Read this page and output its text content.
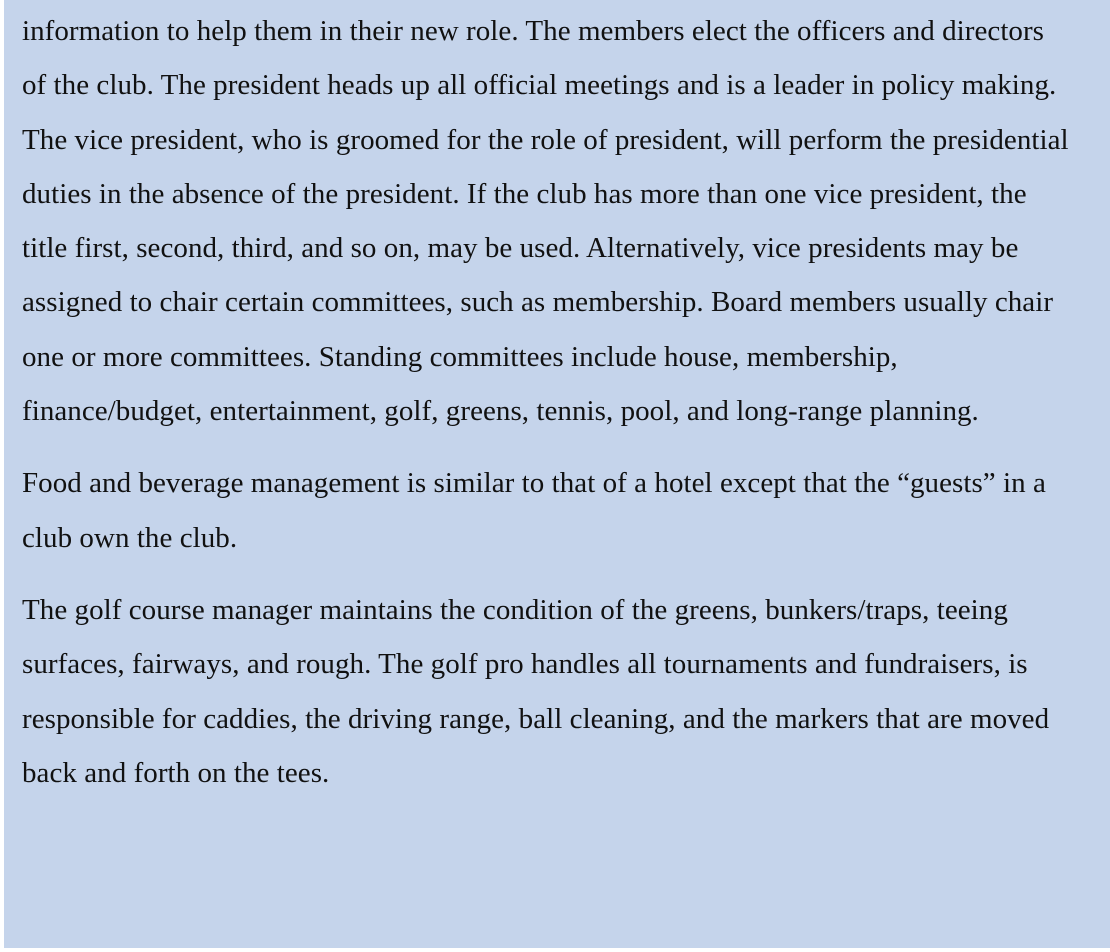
information to help them in their new role. The members elect the officers and directors of the club. The president heads up all official meetings and is a leader in policy making. The vice president, who is groomed for the role of president, will perform the presidential duties in the absence of the president. If the club has more than one vice president, the title first, second, third, and so on, may be used. Alternatively, vice presidents may be assigned to chair certain committees, such as membership. Board members usually chair one or more committees. Standing committees include house, membership, finance/budget, entertainment, golf, greens, tennis, pool, and long-range planning.

Food and beverage management is similar to that of a hotel except that the “guests” in a club own the club.

The golf course manager maintains the condition of the greens, bunkers/traps, teeing surfaces, fairways, and rough. The golf pro handles all tournaments and fundraisers, is responsible for caddies, the driving range, ball cleaning, and the markers that are moved back and forth on the tees.
